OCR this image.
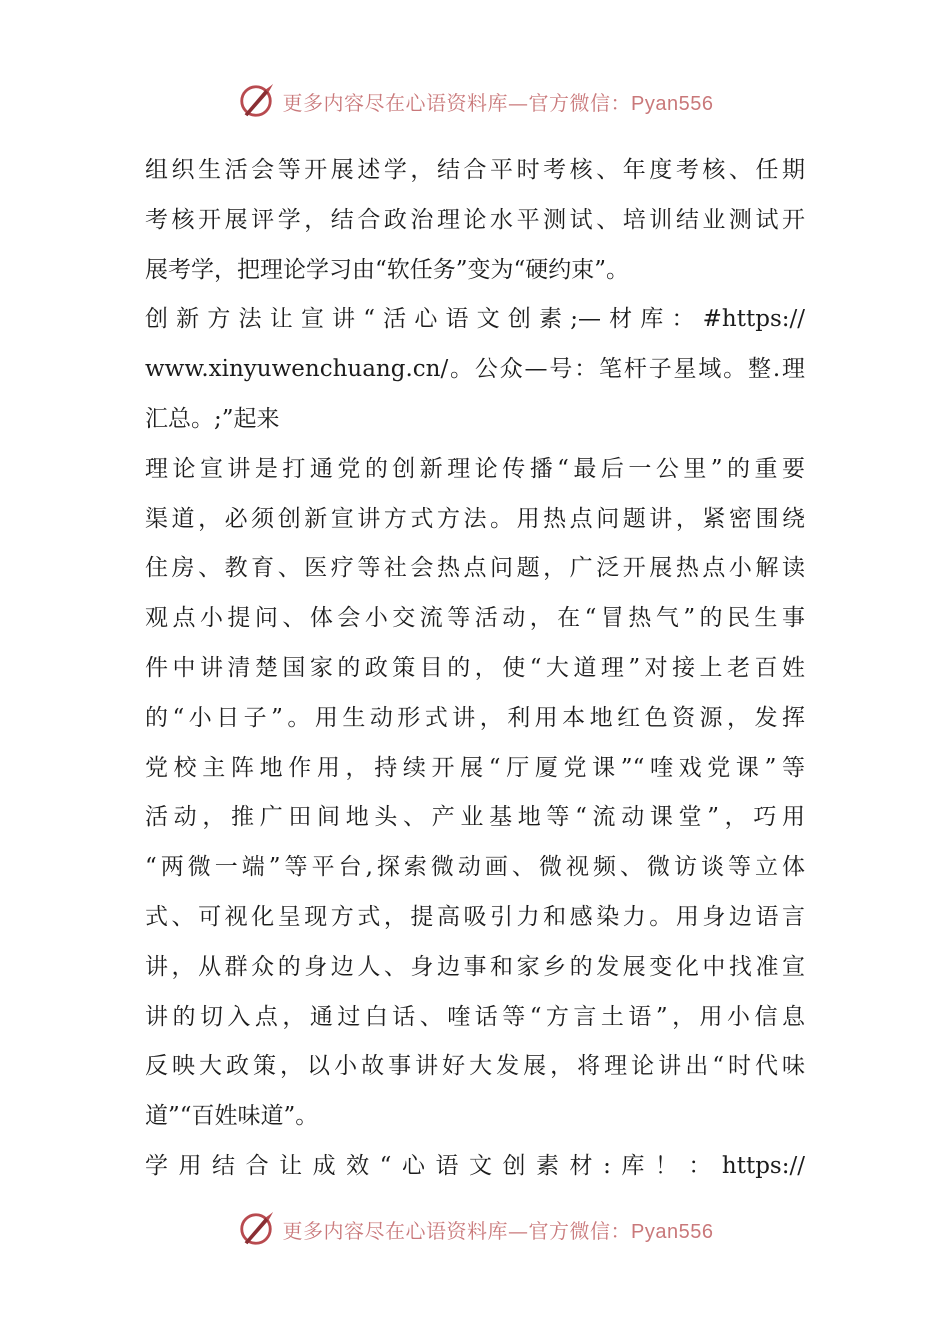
更多内容尽在心语资料库—官方微信：Pyan556
组织生活会等开展述学，结合平时考核、年度考核、任期
考核开展评学，结合政治理论水平测试、培训结业测试开
展考学，把理论学习由“软任务”变为“硬约束”。
创新方法让宣讲“活心语文创素;—材库：#https://
www.xinyuwenchuang.cn/。公众—号：笔杆子星域。整.理
汇总。;”起来
理论宣讲是打通党的创新理论传播“最后一公里”的重要
渠道，必须创新宣讲方式方法。用热点问题讲，紧密围绕
住房、教育、医疗等社会热点问题，广泛开展热点小解读
观点小提问、体会小交流等活动，在“冒热气”的民生事
件中讲清楚国家的政策目的，使“大道理”对接上老百姓
的“小日子”。用生动形式讲，利用本地红色资源，发挥
党校主阵地作用，持续开展“厅厦党课”“喹戏党课”等
活动，推广田间地头、产业基地等“流动课堂”，巧用
“两微一端”等平台,探索微动画、微视频、微访谈等立体
式、可视化呈现方式，提高吸引力和感染力。用身边语言
讲，从群众的身边人、身边事和家乡的发展变化中找准宣
讲的切入点，通过白话、喹话等“方言土语”，用小信息
反映大政策，以小故事讲好大发展，将理论讲出“时代味
道”“百姓味道”。
学用结合让成效“心语文创素材:库！：https://
更多内容尽在心语资料库—官方微信：Pyan556
